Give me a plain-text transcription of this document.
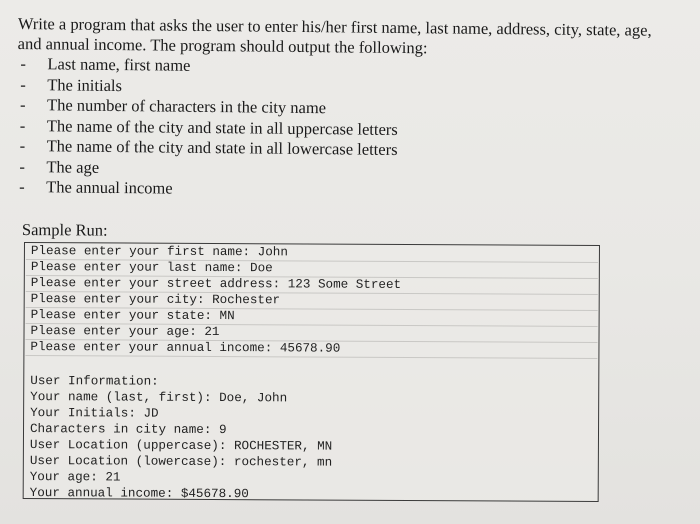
Write a program that asks the user to enter his/her first name, last name, address, city, state, age,

and annual income. The program should output the following:

- Last name, first name
- The initials
- The number of characters in the city name
- The name of the city and state in all uppercase letters
- The name of the city and state in all lowercase letters
- The age
- The annual income
Sample Run:
Please enter your first name: John
Please enter your last name: Doe
Please enter your street address: 123 Some Street
Please enter your city: Rochester
Please enter your state: MN
Please enter your age: 21
Please enter your annual income: 45678.90
User Information:
Your name (last, first): Doe, John
Your Initials: JD
Characters in city name: 9
User Location (uppercase): ROCHESTER, MN
User Location (lowercase): rochester, mn
Your age: 21
Your annual income: $45678.90
